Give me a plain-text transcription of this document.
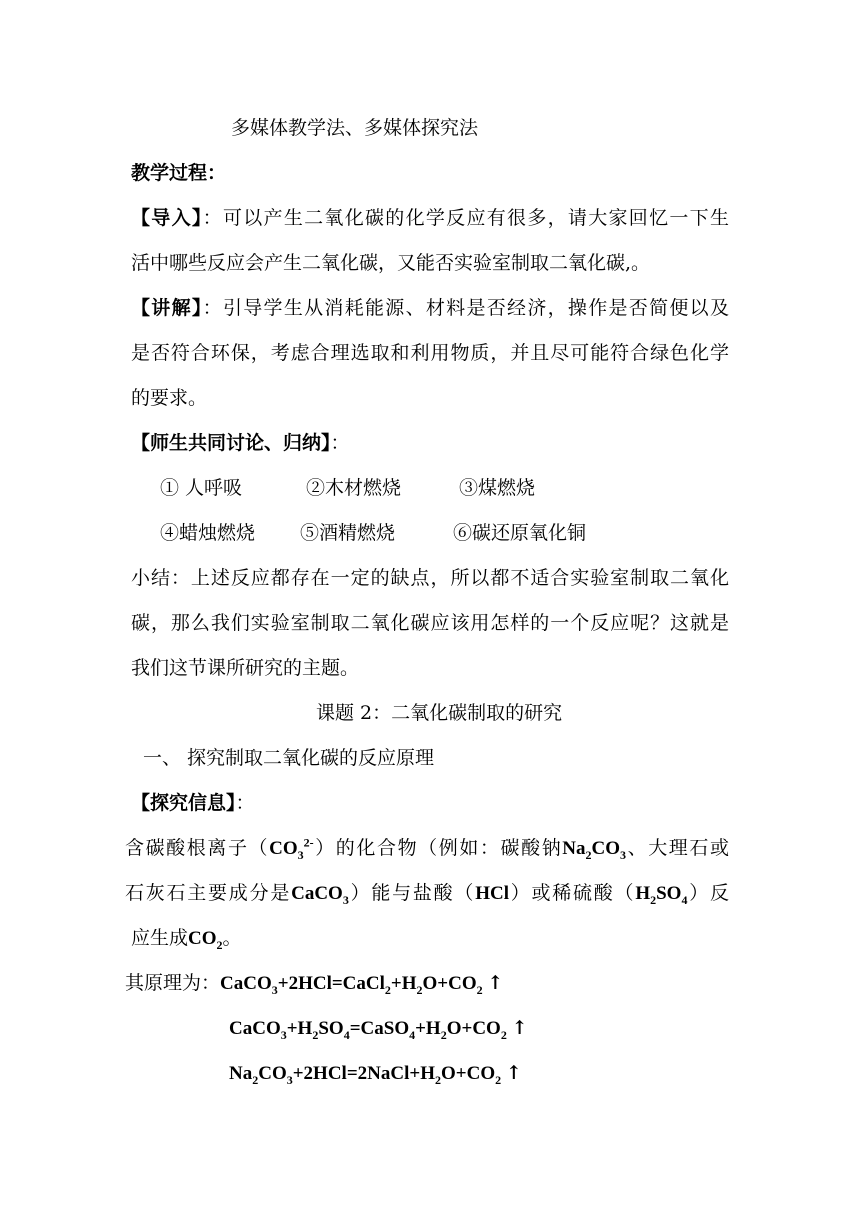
多媒体教学法、多媒体探究法
教学过程：
【导入】：可以产生二氧化碳的化学反应有很多，请大家回忆一下生
活中哪些反应会产生二氧化碳，又能否实验室制取二氧化碳,。
【讲解】：引导学生从消耗能源、材料是否经济，操作是否简便以及
是否符合环保，考虑合理选取和利用物质，并且尽可能符合绿色化学
的要求。
【师生共同讨论、归纳】：
① 人呼吸	②木材燃烧	③煤燃烧
④蜡烛燃烧 ⑤酒精燃烧	⑥碳还原氧化铜
小结：上述反应都存在一定的缺点，所以都不适合实验室制取二氧化
碳，那么我们实验室制取二氧化碳应该用怎样的一个反应呢？这就是
我们这节课所研究的主题。
课题 2：二氧化碳制取的研究
一、 探究制取二氧化碳的反应原理
【探究信息】：
含碳酸根离子$(CO_3^{2-})$的化合物（例如：碳酸钠$Na_2CO_3$、大理石或
石灰石主要成分是CaCO$_3$）能与盐酸（HCl）或稀硫酸$(H_2SO_4)$反
应生成$CO_2$。
其原理为：$CaCO_3+2HCl=CaCl_2+H_2O+CO_2$ ↑
$CaCO_3+H_2SO_4=CaSO_4+H_2O+CO_2$ ↑
$Na_2CO_3+2HCl=2NaCl+H_2O+CO_2$ ↑
